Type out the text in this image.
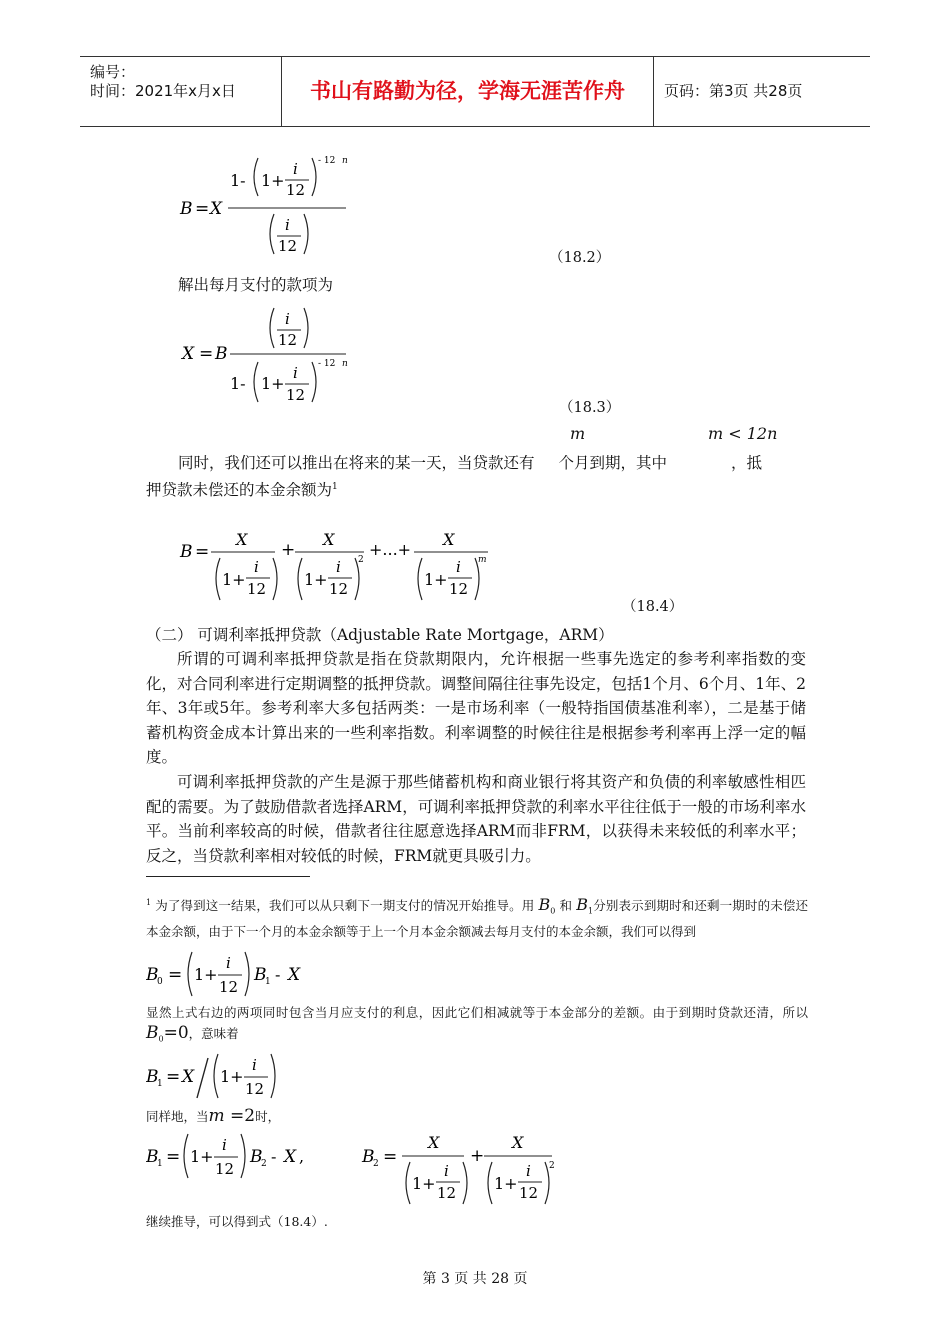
编号：
时间：2021年x月x日	书山有路勤为径，学海无涯苦作舟	页码：第3页 共28页
B = X
1- 1+
i
12
- 12 n
i
12
（18.2）
解出每月支付的款项为
X = B
i
12
1- 1+
i
12
- 12 n
（18.3）
m	m < 12n
同时，我们还可以推出在将来的某一天，当贷款还有 个月到期，其中	，抵
押贷款未偿还的本金余额为$^1$
B =
X
1+
i
12
+
X
1+
i
12
2
+...+
X
1+
i
12
m
（18.4）
（二） 可调利率抵押贷款（Adjustable Rate Mortgage，ARM）
所谓的可调利率抵押贷款是指在贷款期限内，允许根据一些事先选定的参考利率指数的变化，对合同利率进行定期调整的抵押贷款。调整间隔往往事先设定，包括1个月、6个月、1年、2年、3年或5年。参考利率大多包括两类：一是市场利率（一般特指国债基准利率），二是基于储蓄机构资金成本计算出来的一些利率指数。利率调整的时候往往是根据参考利率再上浮一定的幅度。
可调利率抵押贷款的产生是源于那些储蓄机构和商业银行将其资产和负债的利率敏感性相匹配的需要。为了鼓励借款者选择ARM，可调利率抵押贷款的利率水平往往低于一般的市场利率水平。当前利率较高的时候，借款者往往愿意选择ARM而非FRM，以获得未来较低的利率水平；反之，当贷款利率相对较低的时候，FRM就更具吸引力。
$^1$ 为了得到这一结果，我们可以从只剩下一期支付的情况开始推导。用 $B_0$ 和 $B_1$分别表示到期时和还剩一期时的未偿还本金余额，由于下一个月的本金余额等于上一个月本金余额减去每月支付的本金余额，我们可以得到
B
0 = 1+
i
12
B
1 - X
显然上式右边的两项同时包含当月应支付的利息，因此它们相减就等于本金部分的差额。由于到期时贷款还清，所以$B_0=0$，意味着
B
1 = X 1+
i
12
同样地，当m =2时，
B
1 = 1+
i
12
B
2 - X ,	B
2 =
X
1+
i
12
+
X
1+
i
12
2
继续推导，可以得到式（18.4）.
第 3 页 共 28 页
